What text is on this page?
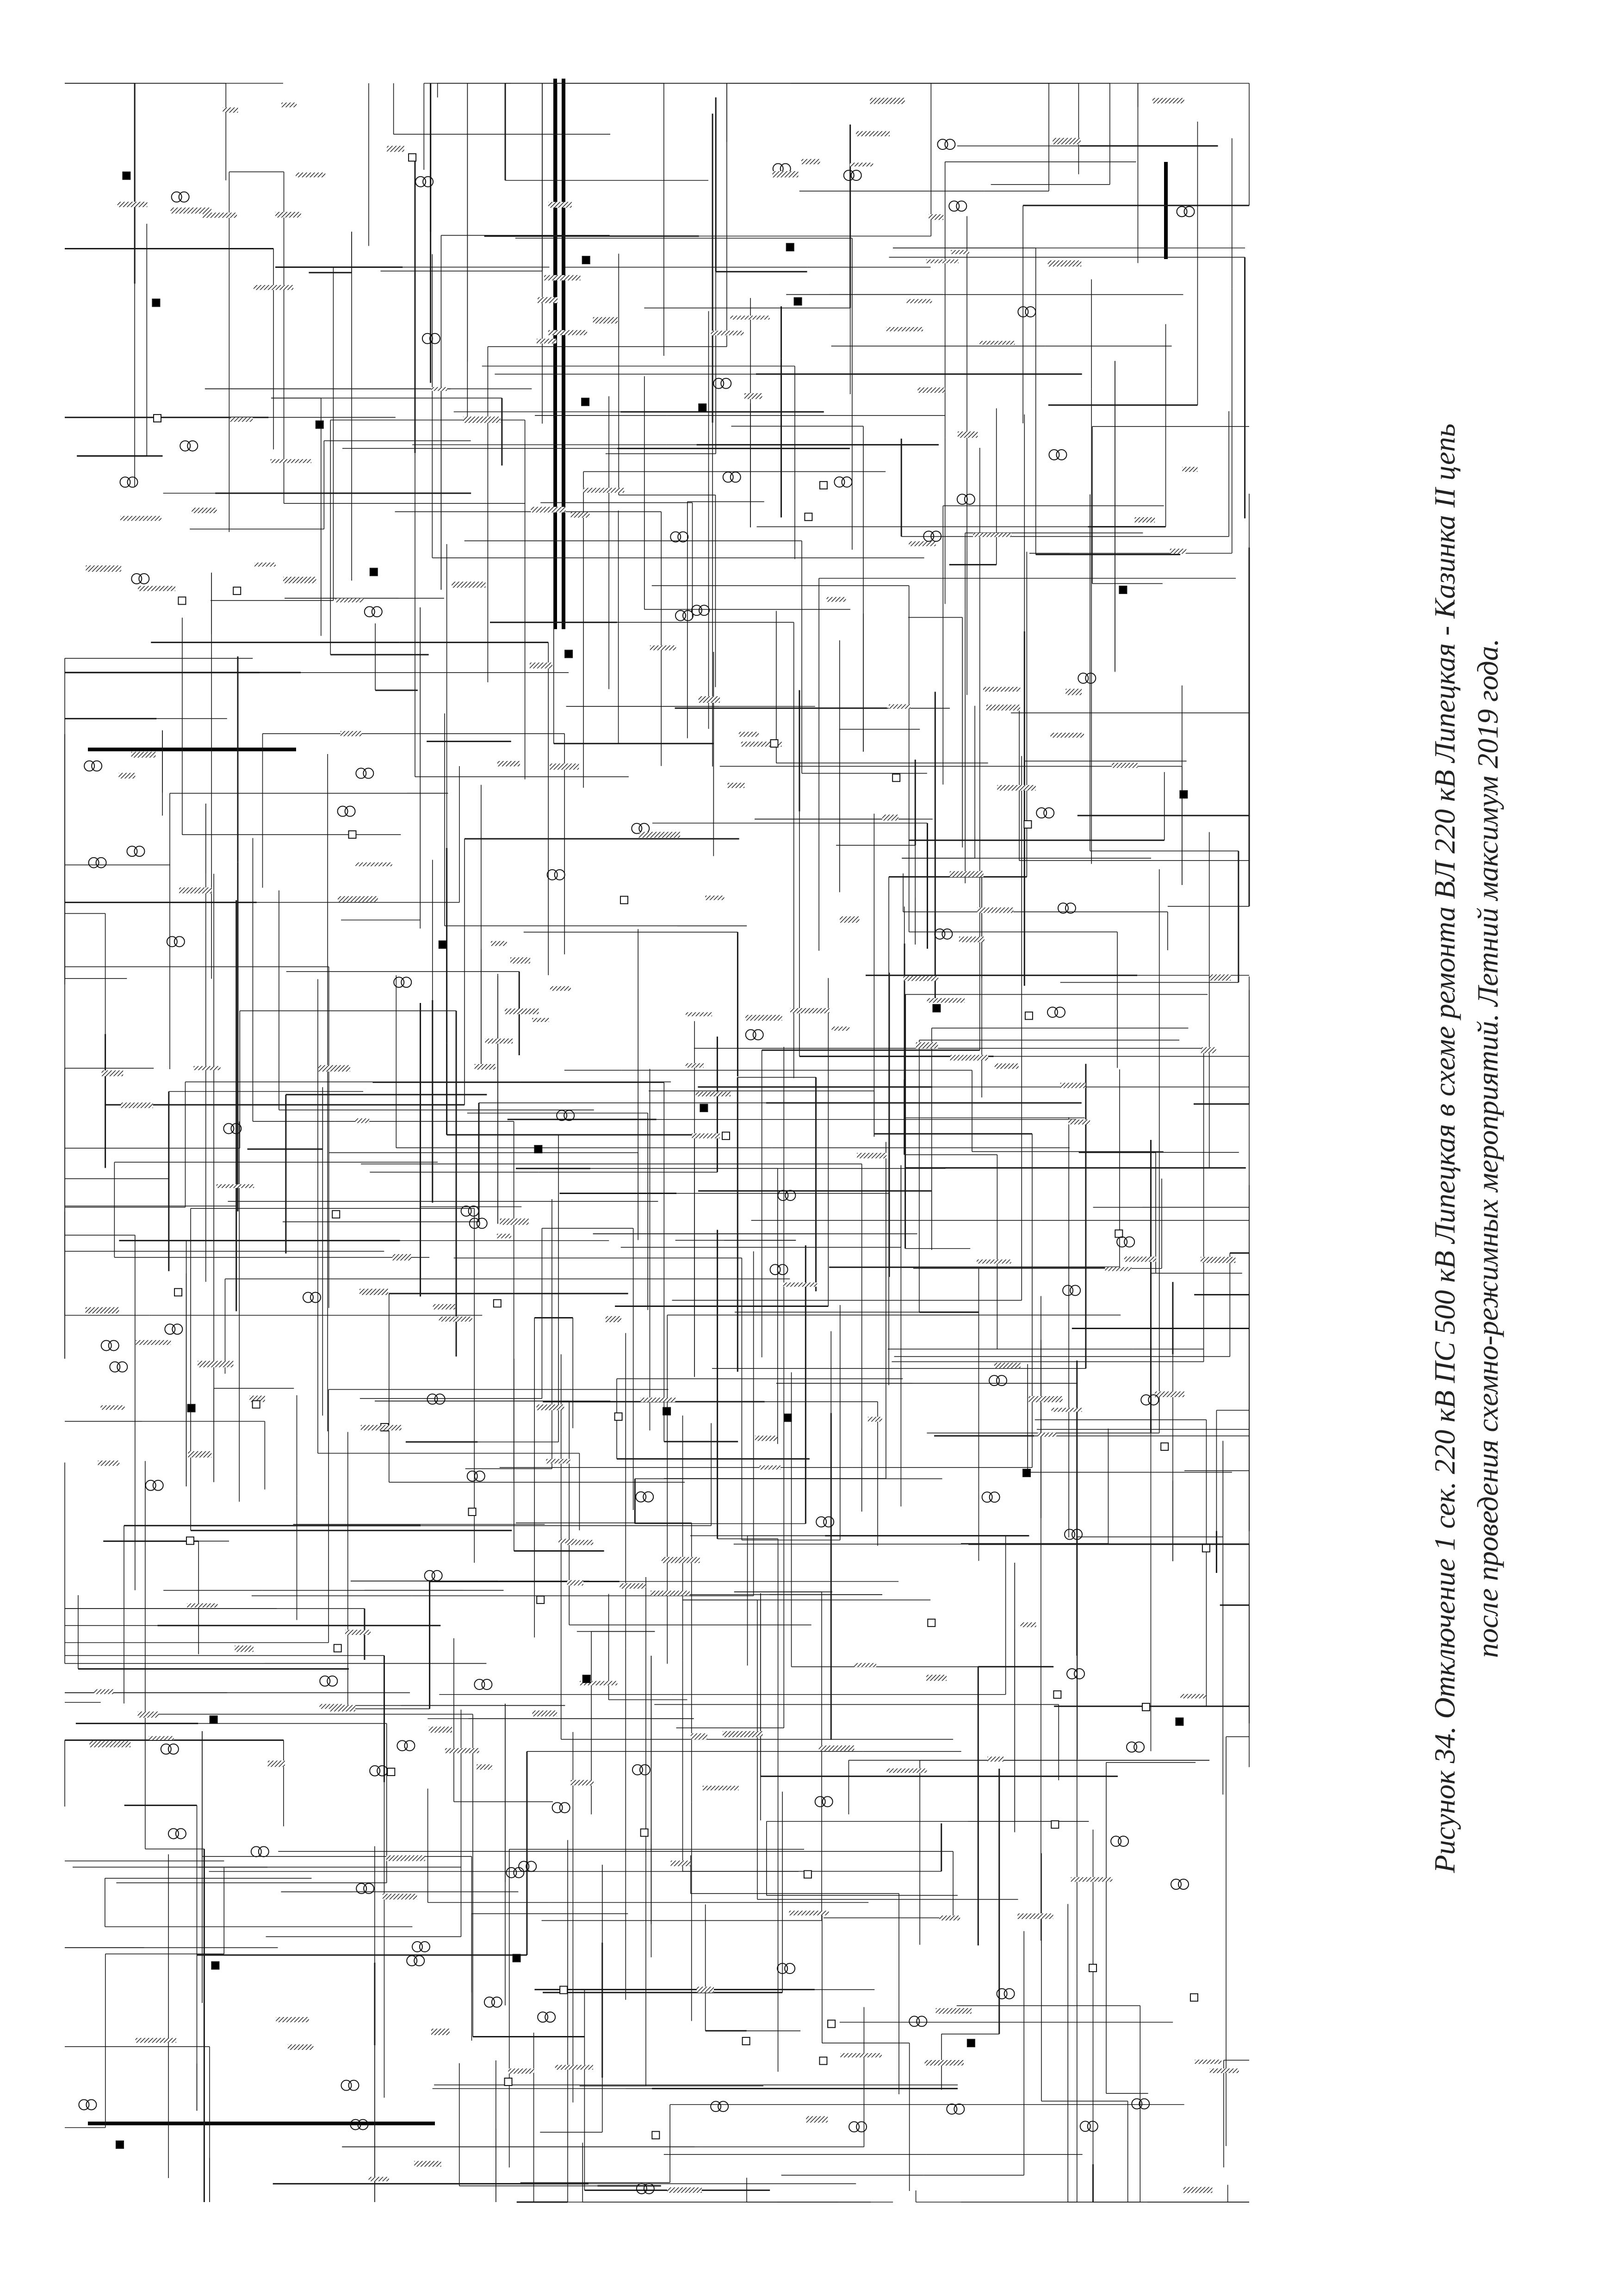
Рисунок 34. Отключение 1 сек. 220 кВ ПС 500 кВ Липецкая в схеме ремонта ВЛ 220 кВ Липецкая - Казинка II цепь после проведения схемно-режимных мероприятий. Летний максимум 2019 года.
